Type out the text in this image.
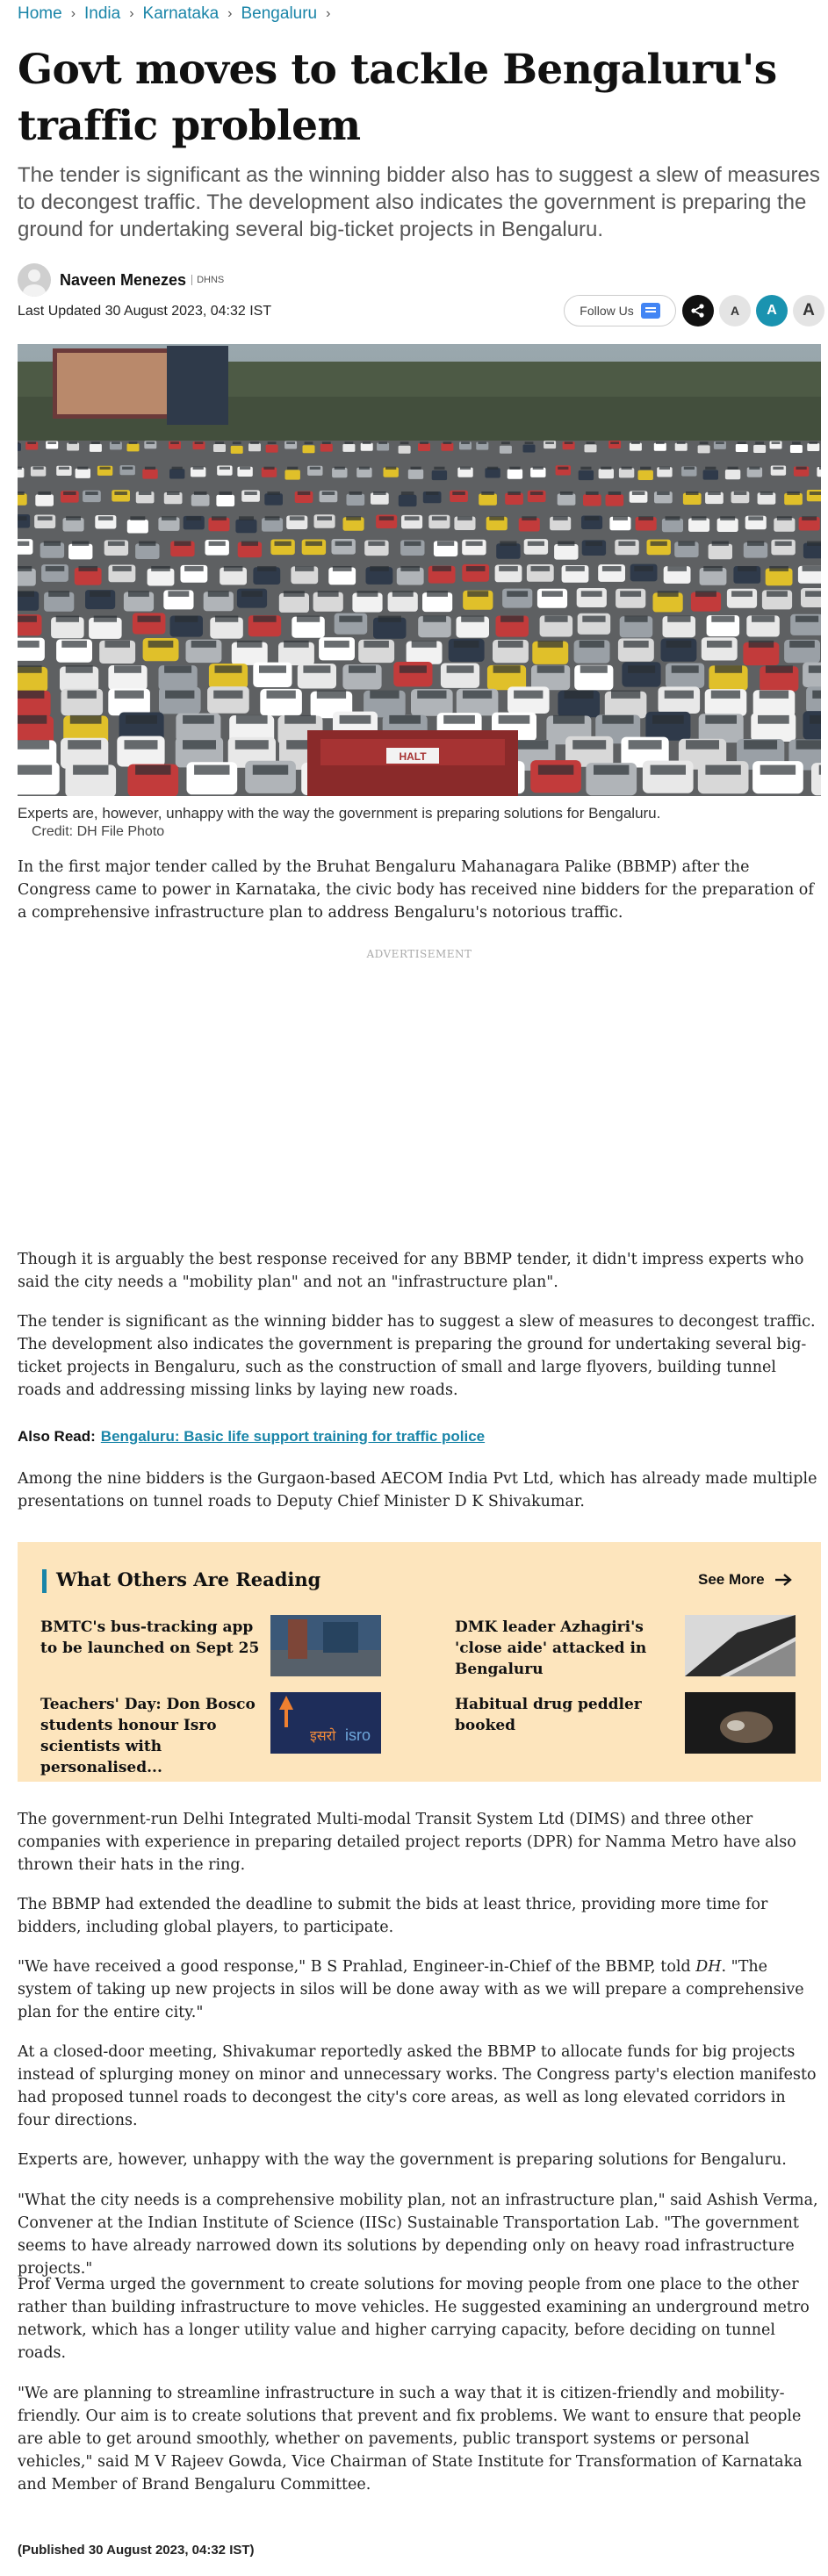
Home › India › Karnataka › Bengaluru ›
Govt moves to tackle Bengaluru's traffic problem

The tender is significant as the winning bidder also has to suggest a slew of measures to decongest traffic. The development also indicates the government is preparing the ground for undertaking several big-ticket projects in Bengaluru.

Naveen Menezes	DHNS
Last Updated 30 August 2023, 04:32 IST	Follow Us	A	A	A
HALT
Experts are, however, unhappy with the way the government is preparing solutions for Bengaluru.
Credit: DH File Photo

In the first major tender called by the Bruhat Bengaluru Mahanagara Palike (BBMP) after the Congress came to power in Karnataka, the civic body has received nine bidders for the preparation of a comprehensive infrastructure plan to address Bengaluru's notorious traffic.

ADVERTISEMENT

Though it is arguably the best response received for any BBMP tender, it didn't impress experts who said the city needs a "mobility plan" and not an "infrastructure plan".

The tender is significant as the winning bidder has to suggest a slew of measures to decongest traffic. The development also indicates the government is preparing the ground for undertaking several big-ticket projects in Bengaluru, such as the construction of small and large flyovers, building tunnel roads and addressing missing links by laying new roads.

Also Read: Bengaluru: Basic life support training for traffic police

Among the nine bidders is the Gurgaon-based AECOM India Pvt Ltd, which has already made multiple presentations on tunnel roads to Deputy Chief Minister D K Shivakumar.

What Others Are Reading	See More
BMTC's bus-tracking app to be launched on Sept 25
DMK leader Azhagiri's 'close aide' attacked in Bengaluru
Teachers' Day: Don Bosco students honour Isro scientists with personalised...
इसरो isro
Habitual drug peddler booked

The government-run Delhi Integrated Multi-modal Transit System Ltd (DIMS) and three other companies with experience in preparing detailed project reports (DPR) for Namma Metro have also thrown their hats in the ring.

The BBMP had extended the deadline to submit the bids at least thrice, providing more time for bidders, including global players, to participate.

"We have received a good response," B S Prahlad, Engineer-in-Chief of the BBMP, told DH. "The system of taking up new projects in silos will be done away with as we will prepare a comprehensive plan for the entire city."

At a closed-door meeting, Shivakumar reportedly asked the BBMP to allocate funds for big projects instead of splurging money on minor and unnecessary works. The Congress party's election manifesto had proposed tunnel roads to decongest the city's core areas, as well as long elevated corridors in four directions.

Experts are, however, unhappy with the way the government is preparing solutions for Bengaluru.

"What the city needs is a comprehensive mobility plan, not an infrastructure plan," said Ashish Verma, Convener at the Indian Institute of Science (IISc) Sustainable Transportation Lab. "The government seems to have already narrowed down its solutions by depending only on heavy road infrastructure projects."

Prof Verma urged the government to create solutions for moving people from one place to the other rather than building infrastructure to move vehicles. He suggested examining an underground metro network, which has a longer utility value and higher carrying capacity, before deciding on tunnel roads.

"We are planning to streamline infrastructure in such a way that it is citizen-friendly and mobility-friendly. Our aim is to create solutions that prevent and fix problems. We want to ensure that people are able to get around smoothly, whether on pavements, public transport systems or personal vehicles," said M V Rajeev Gowda, Vice Chairman of State Institute for Transformation of Karnataka and Member of Brand Bengaluru Committee.

(Published 30 August 2023, 04:32 IST)
